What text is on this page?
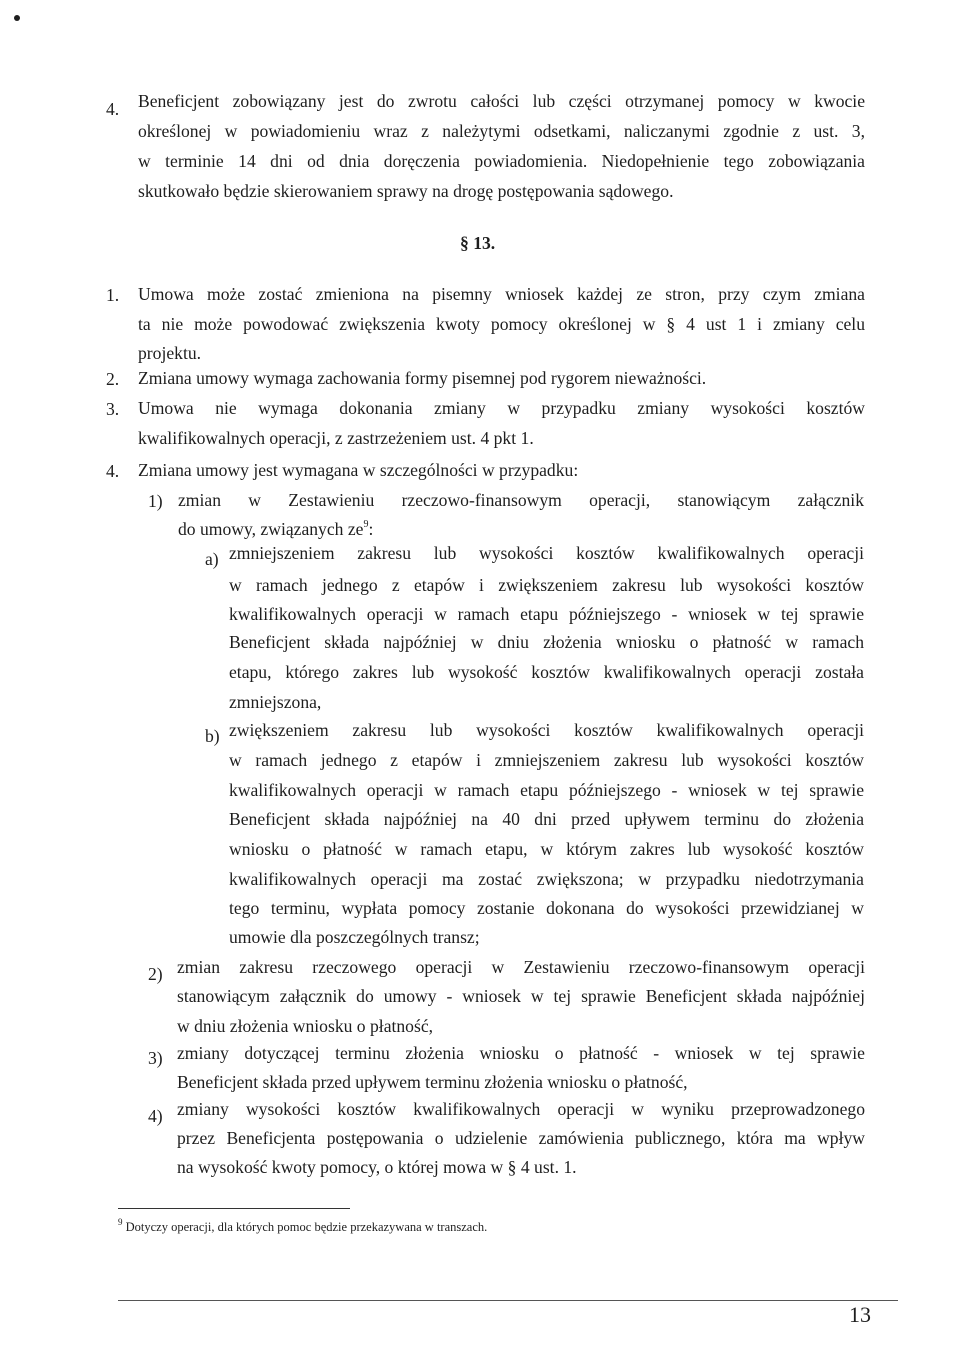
4. Beneficjent zobowiązany jest do zwrotu całości lub części otrzymanej pomocy w kwocie
określonej w powiadomieniu wraz z należytymi odsetkami, naliczanymi zgodnie z ust. 3,
w terminie 14 dni od dnia doręczenia powiadomienia. Niedopełnienie tego zobowiązania
skutkowało będzie skierowaniem sprawy na drogę postępowania sądowego.
§ 13.
1. Umowa może zostać zmieniona na pisemny wniosek każdej ze stron, przy czym zmiana
ta nie może powodować zwiększenia kwoty pomocy określonej w § 4 ust 1 i zmiany celu
projektu.
2. Zmiana umowy wymaga zachowania formy pisemnej pod rygorem nieważności.
3. Umowa nie wymaga dokonania zmiany w przypadku zmiany wysokości kosztów
kwalifikowalnych operacji, z zastrzeżeniem ust. 4 pkt 1.
4. Zmiana umowy jest wymagana w szczególności w przypadku:
1) zmian w Zestawieniu rzeczowo-finansowym operacji, stanowiącym załącznik
do umowy, związanych $ze^9$:
a) zmniejszeniem zakresu lub wysokości kosztów kwalifikowalnych operacji
w ramach jednego z etapów i zwiększeniem zakresu lub wysokości kosztów
kwalifikowalnych operacji w ramach etapu późniejszego - wniosek w tej sprawie
Beneficjent składa najpóźniej w dniu złożenia wniosku o płatność w ramach
etapu, którego zakres lub wysokość kosztów kwalifikowalnych operacji została
zmniejszona,
b) zwiększeniem zakresu lub wysokości kosztów kwalifikowalnych operacji
w ramach jednego z etapów i zmniejszeniem zakresu lub wysokości kosztów
kwalifikowalnych operacji w ramach etapu późniejszego - wniosek w tej sprawie
Beneficjent składa najpóźniej na 40 dni przed upływem terminu do złożenia
wniosku o płatność w ramach etapu, w którym zakres lub wysokość kosztów
kwalifikowalnych operacji ma zostać zwiększona; w przypadku niedotrzymania
tego terminu, wypłata pomocy zostanie dokonana do wysokości przewidzianej w
umowie dla poszczególnych transz;
2) zmian zakresu rzeczowego operacji w Zestawieniu rzeczowo-finansowym operacji
stanowiącym załącznik do umowy - wniosek w tej sprawie Beneficjent składa najpóźniej
w dniu złożenia wniosku o płatność,
3) zmiany dotyczącej terminu złożenia wniosku o płatność - wniosek w tej sprawie
Beneficjent składa przed upływem terminu złożenia wniosku o płatność,
4) zmiany wysokości kosztów kwalifikowalnych operacji w wyniku przeprowadzonego
przez Beneficjenta postępowania o udzielenie zamówienia publicznego, która ma wpływ
na wysokość kwoty pomocy, o której mowa w § 4 ust. 1.
$^9$ Dotyczy operacji, dla których pomoc będzie przekazywana w transzach.
13
